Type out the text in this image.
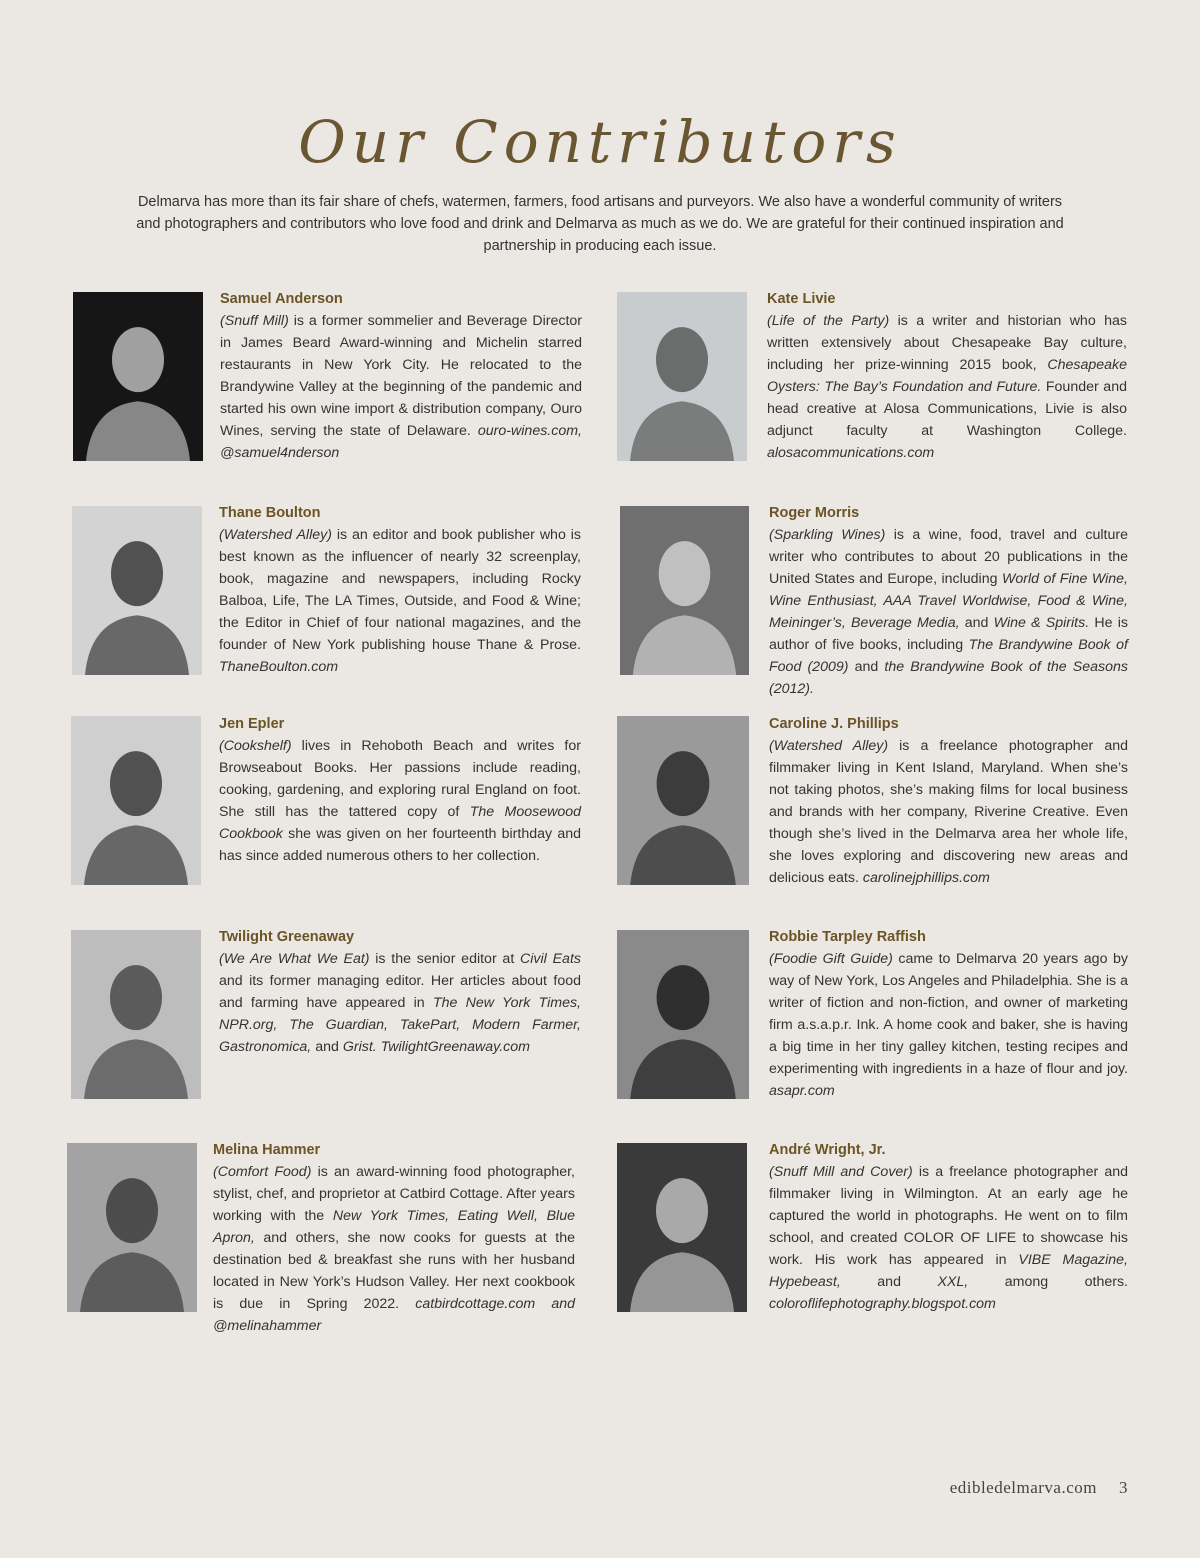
Our Contributors

Delmarva has more than its fair share of chefs, watermen, farmers, food artisans and purveyors. We also have a wonderful community of writers and photographers and contributors who love food and drink and Delmarva as much as we do. We are grateful for their continued inspiration and partnership in producing each issue.

Samuel Anderson

(Snuff Mill) is a former sommelier and Beverage Director in James Beard Award-winning and Michelin starred restaurants in New York City. He relocated to the Brandywine Valley at the beginning of the pandemic and started his own wine import & distribution company, Ouro Wines, serving the state of Delaware. ouro-wines.com, @samuel4nderson

Kate Livie

(Life of the Party) is a writer and historian who has written extensively about Chesapeake Bay culture, including her prize-winning 2015 book, Chesapeake Oysters: The Bay’s Foundation and Future. Founder and head creative at Alosa Communications, Livie is also adjunct faculty at Washington College. alosacommunications.com

Thane Boulton

(Watershed Alley) is an editor and book publisher who is best known as the influencer of nearly 32 screenplay, book, magazine and newspapers, including Rocky Balboa, Life, The LA Times, Outside, and Food & Wine; the Editor in Chief of four national magazines, and the founder of New York publishing house Thane & Prose. ThaneBoulton.com

Roger Morris

(Sparkling Wines) is a wine, food, travel and culture writer who contributes to about 20 publications in the United States and Europe, including World of Fine Wine, Wine Enthusiast, AAA Travel Worldwise, Food & Wine, Meininger’s, Beverage Media, and Wine & Spirits. He is author of five books, including The Brandywine Book of Food (2009) and the Brandywine Book of the Seasons (2012).

Jen Epler

(Cookshelf) lives in Rehoboth Beach and writes for Browseabout Books. Her passions include reading, cooking, gardening, and exploring rural England on foot. She still has the tattered copy of The Moosewood Cookbook she was given on her fourteenth birthday and has since added numerous others to her collection.

Caroline J. Phillips

(Watershed Alley) is a freelance photographer and filmmaker living in Kent Island, Maryland. When she’s not taking photos, she’s making films for local business and brands with her company, Riverine Creative. Even though she’s lived in the Delmarva area her whole life, she loves exploring and discovering new areas and delicious eats. carolinejphillips.com

Twilight Greenaway

(We Are What We Eat) is the senior editor at Civil Eats and its former managing editor. Her articles about food and farming have appeared in The New York Times, NPR.org, The Guardian, TakePart, Modern Farmer, Gastronomica, and Grist. TwilightGreenaway.com

Robbie Tarpley Raffish

(Foodie Gift Guide) came to Delmarva 20 years ago by way of New York, Los Angeles and Philadelphia. She is a writer of fiction and non-fiction, and owner of marketing firm a.s.a.p.r. Ink. A home cook and baker, she is having a big time in her tiny galley kitchen, testing recipes and experimenting with ingredients in a haze of flour and joy. asapr.com

Melina Hammer

(Comfort Food) is an award-winning food photographer, stylist, chef, and proprietor at Catbird Cottage. After years working with the New York Times, Eating Well, Blue Apron, and others, she now cooks for guests at the destination bed & breakfast she runs with her husband located in New York’s Hudson Valley. Her next cookbook is due in Spring 2022. catbirdcottage.com and @melinahammer

André Wright, Jr.

(Snuff Mill and Cover) is a freelance photographer and filmmaker living in Wilmington. At an early age he captured the world in photographs. He went on to film school, and created COLOR OF LIFE to showcase his work. His work has appeared in VIBE Magazine, Hypebeast, and XXL, among others. coloroflifephotography.blogspot.com

edibledelmarva.com 3
